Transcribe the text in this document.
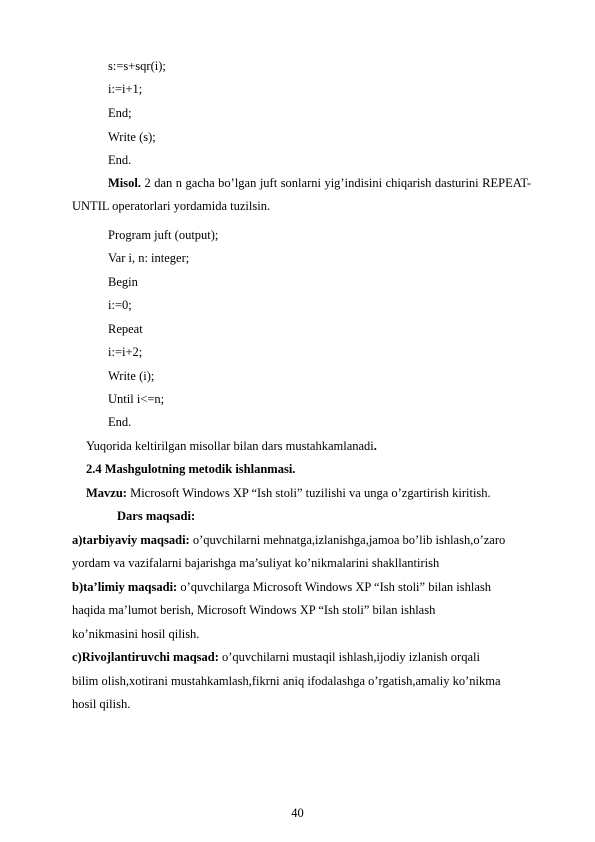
s:=s+sqr(i);
i:=i+1;
End;
Write (s);
End.
Misol. 2 dan n gacha bo’lgan juft sonlarni yig’indisini chiqarish dasturini REPEAT-UNTIL operatorlari yordamida tuzilsin.
Program juft (output);
Var i, n: integer;
Begin
i:=0;
Repeat
i:=i+2;
Write (i);
Until i<=n;
End.
Yuqorida keltirilgan misollar bilan dars mustahkamlanadi.
2.4 Mashgulotning metodik ishlanmasi.
Mavzu: Microsoft Windows XP “Ish stoli” tuzilishi va unga o’zgartirish kiritish.
Dars maqsadi:
a)tarbiyaviy maqsadi: o’quvchilarni mehnatga,izlanishga,jamoa bo’lib ishlash,o’zaro
yordam va vazifalarni bajarishga ma’suliyat ko’nikmalarini shakllantirish
b)ta’limiy maqsadi: o’quvchilarga Microsoft Windows XP “Ish stoli” bilan ishlash
haqida ma’lumot berish, Microsoft Windows XP “Ish stoli” bilan ishlash
ko’nikmasini hosil qilish.
c)Rivojlantiruvchi maqsad: o’quvchilarni mustaqil ishlash,ijodiy izlanish orqali
bilim olish,xotirani mustahkamlash,fikrni aniq ifodalashga o’rgatish,amaliy ko’nikma
hosil qilish.
40
